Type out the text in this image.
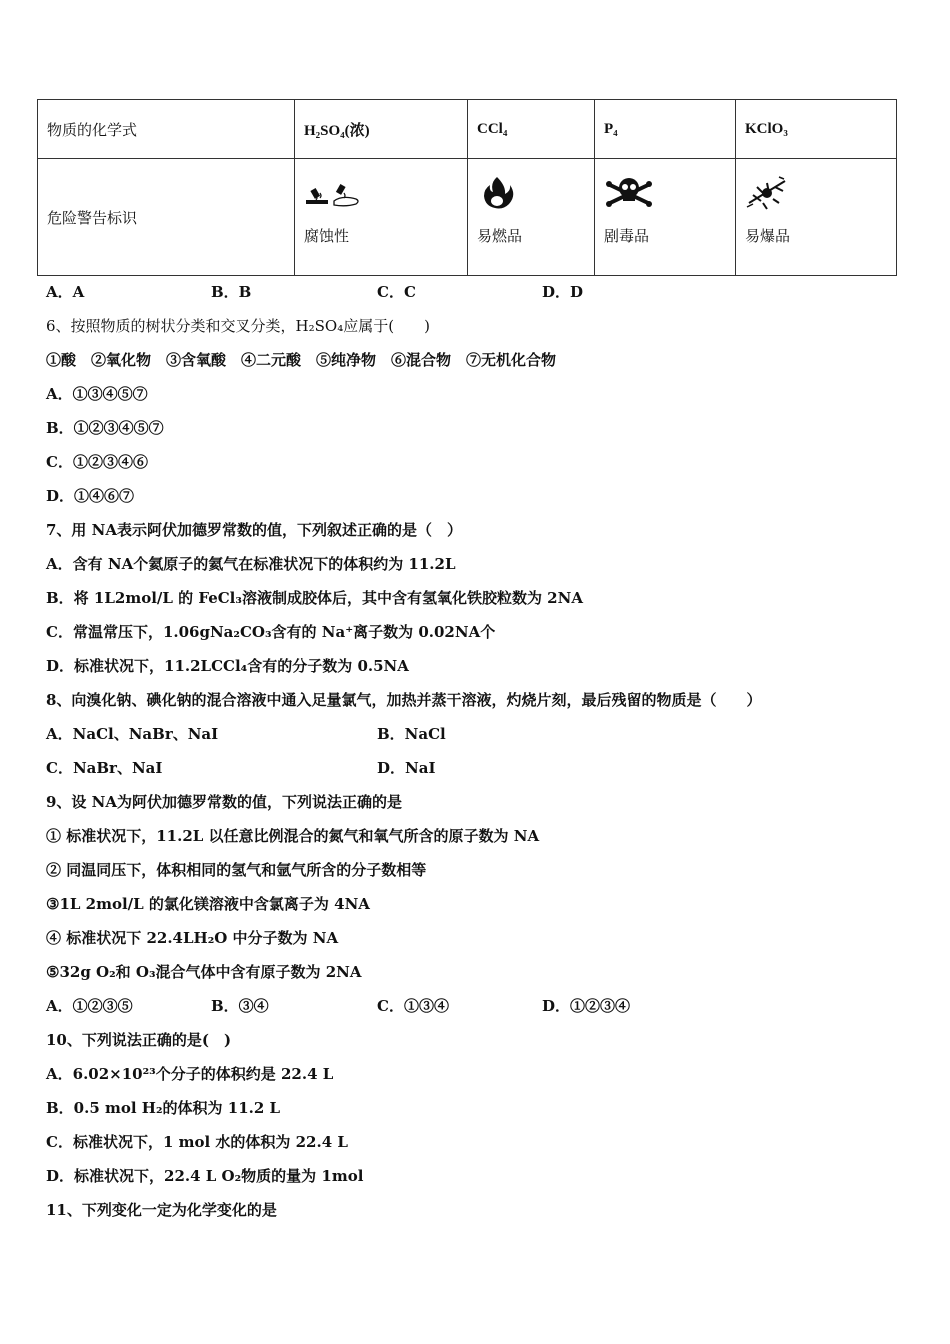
物质的化学式	H₂SO₄(浓)	CCl₄	P₄	KClO₃
危险警告标识	腐蚀性	易燃品	剧毒品	易爆品
A．A	B．B	C．C	D．D
6、按照物质的树状分类和交叉分类，H₂SO₄应属于(　　)
①酸　②氧化物　③含氧酸　④二元酸　⑤纯净物　⑥混合物　⑦无机化合物
A．①③④⑤⑦
B．①②③④⑤⑦
C．①②③④⑥
D．①④⑥⑦
7、用 NA表示阿伏加德罗常数的值，下列叙述正确的是（　）
A．含有 NA个氦原子的氦气在标准状况下的体积约为 11.2L
B．将 1L2mol/L 的 FeCl₃溶液制成胶体后，其中含有氢氧化铁胶粒数为 2NA
C．常温常压下，1.06gNa₂CO₃含有的 Na⁺离子数为 0.02NA个
D．标准状况下，11.2LCCl₄含有的分子数为 0.5NA
8、向溴化钠、碘化钠的混合溶液中通入足量氯气，加热并蒸干溶液，灼烧片刻，最后残留的物质是（　　）
A．NaCl、NaBr、NaI	B．NaCl
C．NaBr、NaI	D．NaI
9、设 NA为阿伏加德罗常数的值，下列说法正确的是
① 标准状况下，11.2L 以任意比例混合的氮气和氧气所含的原子数为 NA
② 同温同压下，体积相同的氢气和氩气所含的分子数相等
③1L 2mol/L 的氯化镁溶液中含氯离子为 4NA
④ 标准状况下 22.4LH₂O 中分子数为 NA
⑤32g O₂和 O₃混合气体中含有原子数为 2NA
A．①②③⑤	B．③④	C．①③④	D．①②③④
10、下列说法正确的是(　)
A．6.02×10²³个分子的体积约是 22.4 L
B．0.5 mol H₂的体积为 11.2 L
C．标准状况下，1 mol 水的体积为 22.4 L
D．标准状况下，22.4 L O₂物质的量为 1mol
11、下列变化一定为化学变化的是
